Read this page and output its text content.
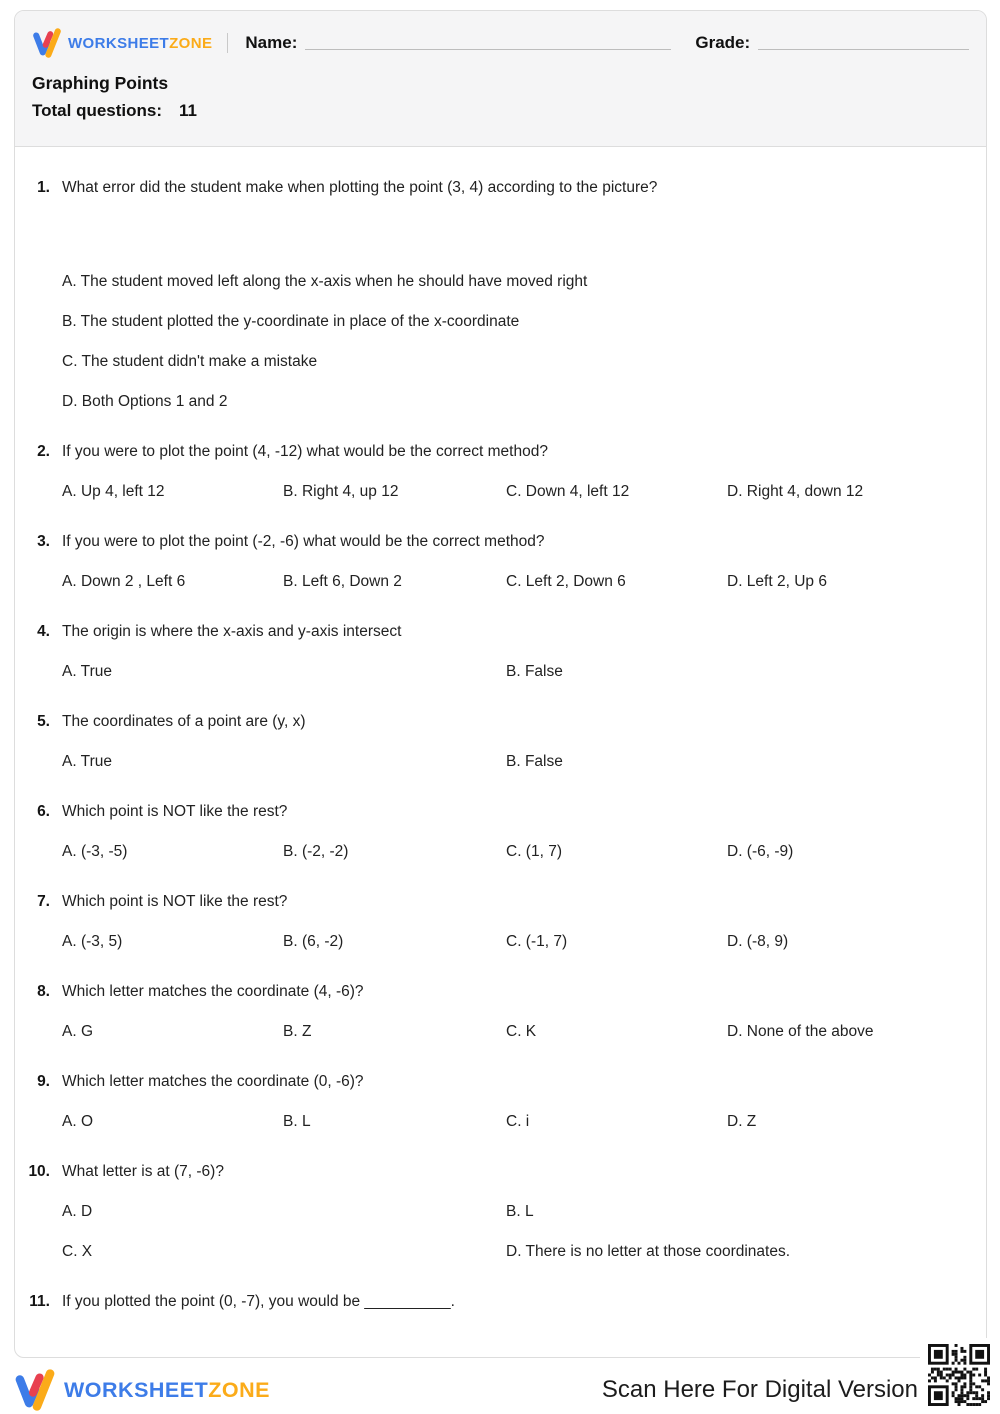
WORKSHEETZONE Name:	Grade:
Graphing Points
Total questions: 11
1. What error did the student make when plotting the point (3, 4) according to the picture?
A. The student moved left along the x-axis when he should have moved right
B. The student plotted the y-coordinate in place of the x-coordinate
C. The student didn't make a mistake
D. Both Options 1 and 2
2. If you were to plot the point (4, -12) what would be the correct method?
A. Up 4, left 12	B. Right 4, up 12	C. Down 4, left 12	D. Right 4, down 12
3. If you were to plot the point (-2, -6) what would be the correct method?
A. Down 2 , Left 6	B. Left 6, Down 2	C. Left 2, Down 6	D. Left 2, Up 6
4. The origin is where the x-axis and y-axis intersect
A. True	B. False
5. The coordinates of a point are (y, x)
A. True	B. False
6. Which point is NOT like the rest?
A. (-3, -5)	B. (-2, -2)	C. (1, 7)	D. (-6, -9)
7. Which point is NOT like the rest?
A. (-3, 5)	B. (6, -2)	C. (-1, 7)	D. (-8, 9)
8. Which letter matches the coordinate (4, -6)?
A. G	B. Z	C. K	D. None of the above
9. Which letter matches the coordinate (0, -6)?
A. O	B. L	C. i	D. Z
10. What letter is at (7, -6)?
A. D	B. L
C. X	D. There is no letter at those coordinates.
11. If you plotted the point (0, -7), you would be __________.
WORKSHEETZONE	Scan Here For Digital Version
